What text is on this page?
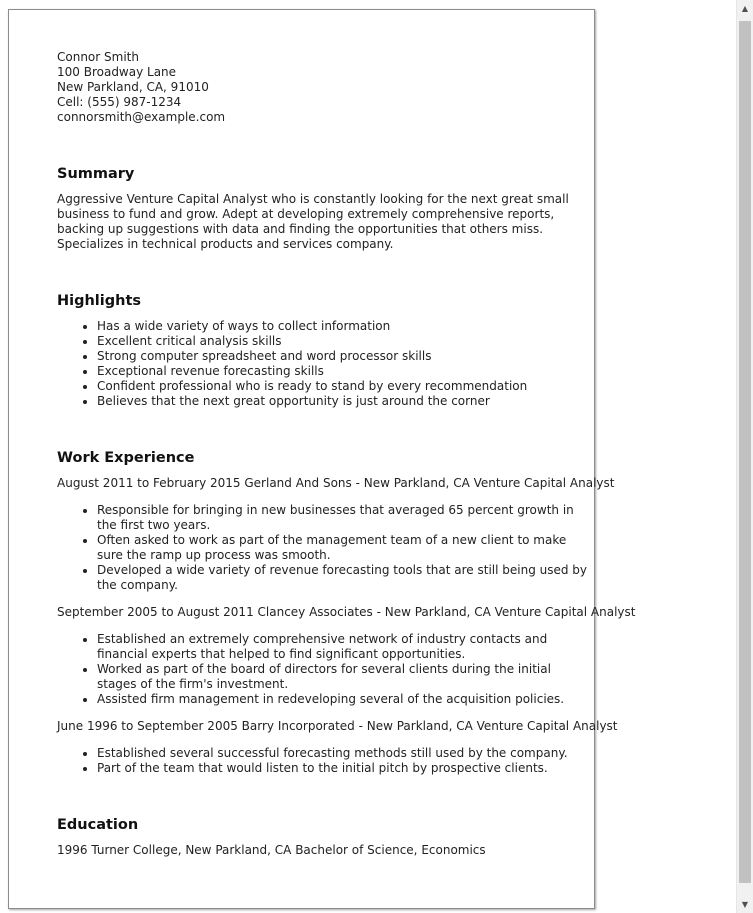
Connor Smith
100 Broadway Lane
New Parkland, CA, 91010
Cell: (555) 987-1234
connorsmith@example.com
Summary

Aggressive Venture Capital Analyst who is constantly looking for the next great small business to fund and grow. Adept at developing extremely comprehensive reports, backing up suggestions with data and finding the opportunities that others miss. Specializes in technical products and services company.

Highlights
• Has a wide variety of ways to collect information
• Excellent critical analysis skills
• Strong computer spreadsheet and word processor skills
• Exceptional revenue forecasting skills
• Confident professional who is ready to stand by every recommendation
• Believes that the next great opportunity is just around the corner
Work Experience
August 2011 to February 2015 Gerland And Sons - New Parkland, CA Venture Capital Analyst
• Responsible for bringing in new businesses that averaged 65 percent growth in the first two years.
• Often asked to work as part of the management team of a new client to make sure the ramp up process was smooth.
• Developed a wide variety of revenue forecasting tools that are still being used by the company.
September 2005 to August 2011 Clancey Associates - New Parkland, CA Venture Capital Analyst
• Established an extremely comprehensive network of industry contacts and financial experts that helped to find significant opportunities.
• Worked as part of the board of directors for several clients during the initial stages of the firm's investment.
• Assisted firm management in redeveloping several of the acquisition policies.
June 1996 to September 2005 Barry Incorporated - New Parkland, CA Venture Capital Analyst
• Established several successful forecasting methods still used by the company.
• Part of the team that would listen to the initial pitch by prospective clients.
Education
1996 Turner College, New Parkland, CA Bachelor of Science, Economics
▲
▼
